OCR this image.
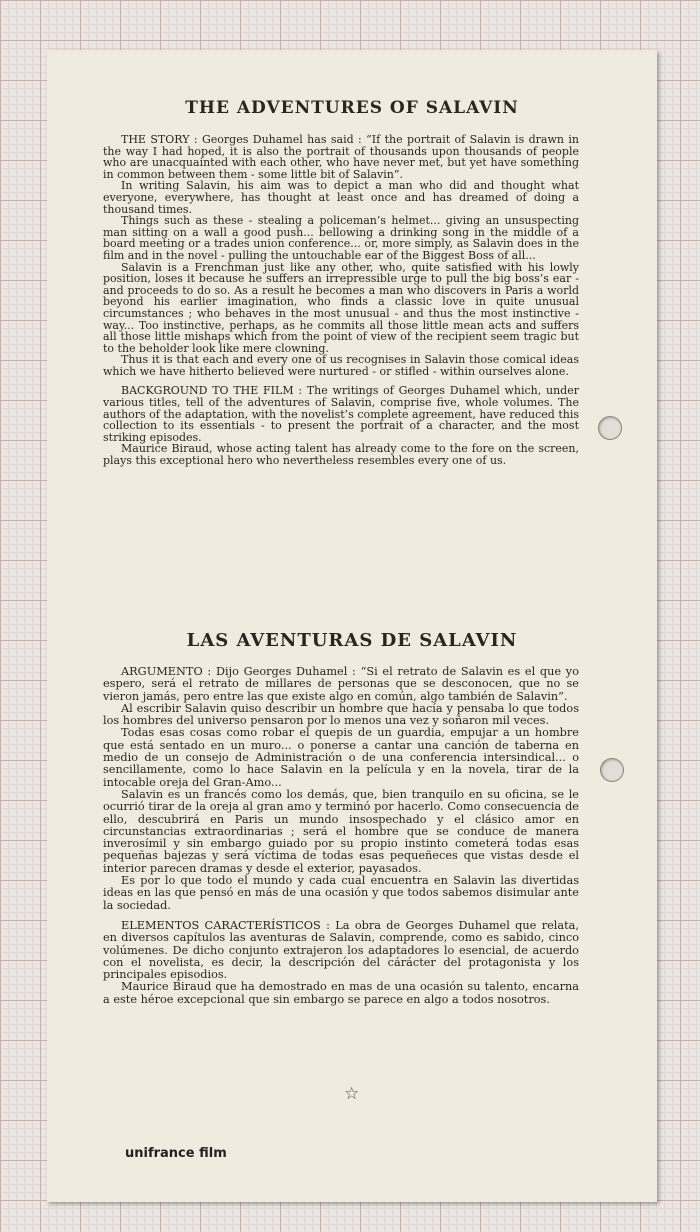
THE ADVENTURES OF SALAVIN

THE STORY : Georges Duhamel has said : “If the portrait of Salavin is drawn in the way I had hoped, it is also the portrait of thousands upon thousands of people who are unacquainted with each other, who have never met, but yet have something in common between them - some little bit of Salavin”.

In writing Salavin, his aim was to depict a man who did and thought what everyone, everywhere, has thought at least once and has dreamed of doing a thousand times.

Things such as these - stealing a policeman’s helmet... giving an unsuspecting man sitting on a wall a good push... bellowing a drinking song in the middle of a board meeting or a trades union conference... or, more simply, as Salavin does in the film and in the novel - pulling the untouchable ear of the Biggest Boss of all...

Salavin is a Frenchman just like any other, who, quite satisfied with his lowly position, loses it because he suffers an irrepressible urge to pull the big boss’s ear - and proceeds to do so. As a result he becomes a man who discovers in Paris a world beyond his earlier imagination, who finds a classic love in quite unusual circumstances ; who behaves in the most unusual - and thus the most instinctive - way... Too instinctive, perhaps, as he commits all those little mean acts and suffers all those little mishaps which from the point of view of the recipient seem tragic but to the beholder look like mere clowning.

Thus it is that each and every one of us recognises in Salavin those comical ideas which we have hitherto believed were nurtured - or stifled - within ourselves alone.

BACKGROUND TO THE FILM : The writings of Georges Duhamel which, under various titles, tell of the adventures of Salavin, comprise five, whole volumes. The authors of the adaptation, with the novelist’s complete agreement, have reduced this collection to its essentials - to present the portrait of a character, and the most striking episodes.

Maurice Biraud, whose acting talent has already come to the fore on the screen, plays this exceptional hero who nevertheless resembles every one of us.

LAS AVENTURAS DE SALAVIN

ARGUMENTO : Dijo Georges Duhamel : “Si el retrato de Salavin es el que yo espero, será el retrato de millares de personas que se desconocen, que no se vieron jamás, pero entre las que existe algo en común, algo también de Salavin”.

Al escribir Salavin quiso describir un hombre que hacía y pensaba lo que todos los hombres del universo pensaron por lo menos una vez y soñaron mil veces.

Todas esas cosas como robar el quepis de un guardia, empujar a un hombre que está sentado en un muro... o ponerse a cantar una canción de taberna en medio de un consejo de Administración o de una conferencia intersindical... o sencillamente, como lo hace Salavin en la película y en la novela, tirar de la intocable oreja del Gran-Amo...

Salavin es un francés como los demás, que, bien tranquilo en su oficina, se le ocurrió tirar de la oreja al gran amo y terminó por hacerlo. Como consecuencia de ello, descubrirá en Paris un mundo insospechado y el clásico amor en circunstancias extraordinarias ; será el hombre que se conduce de manera inverosímil y sin embargo guiado por su propio instinto cometerá todas esas pequeñas bajezas y será víctima de todas esas pequeñeces que vistas desde el interior parecen dramas y desde el exterior, payasados.

Es por lo que todo el mundo y cada cual encuentra en Salavin las divertidas ideas en las que pensó en más de una ocasión y que todos sabemos disimular ante la sociedad.

ELEMENTOS CARACTERÍSTICOS : La obra de Georges Duhamel que relata, en diversos capítulos las aventuras de Salavin, comprende, como es sabido, cinco volúmenes. De dicho conjunto extrajeron los adaptadores lo esencial, de acuerdo con el novelista, es decir, la descripción del cárácter del protagonista y los principales episodios.

Maurice Biraud que ha demostrado en mas de una ocasión su talento, encarna a este héroe excepcional que sin embargo se parece en algo a todos nosotros.

☆
unifrance film
